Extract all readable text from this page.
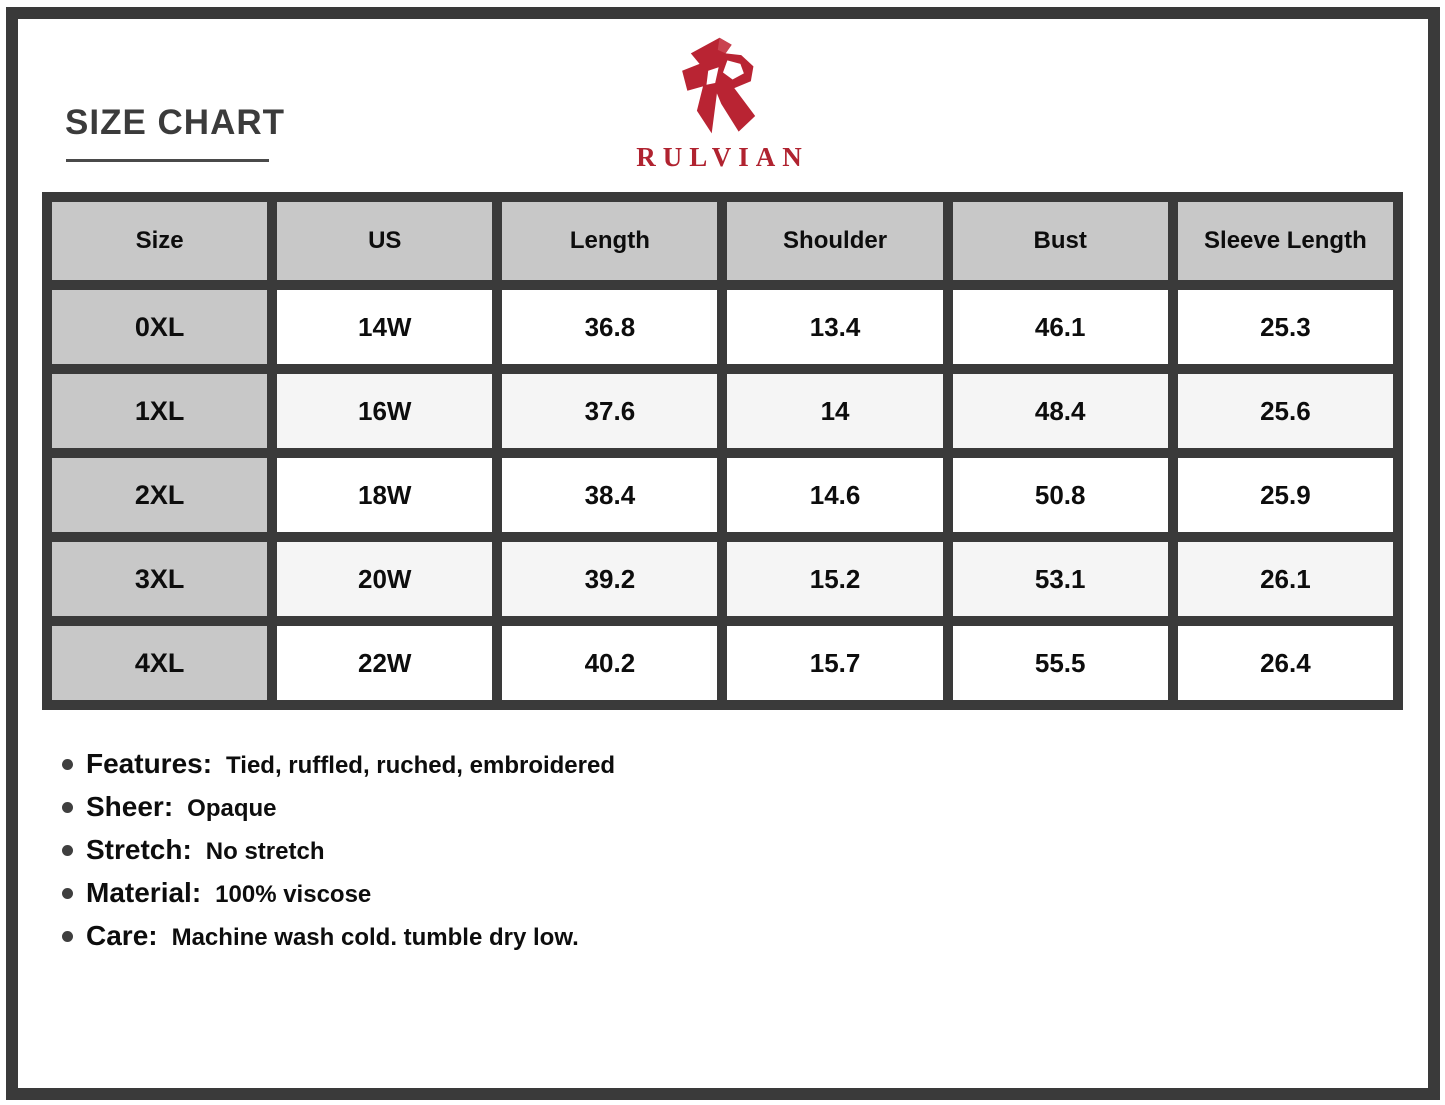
SIZE CHART
RULVIAN
Size	US	Length	Shoulder	Bust	Sleeve Length
0XL	14W	36.8	13.4	46.1	25.3
1XL	16W	37.6	14	48.4	25.6
2XL	18W	38.4	14.6	50.8	25.9
3XL	20W	39.2	15.2	53.1	26.1
4XL	22W	40.2	15.7	55.5	26.4
Features: Tied, ruffled, ruched, embroidered
Sheer: Opaque
Stretch: No stretch
Material: 100% viscose
Care: Machine wash cold. tumble dry low.
